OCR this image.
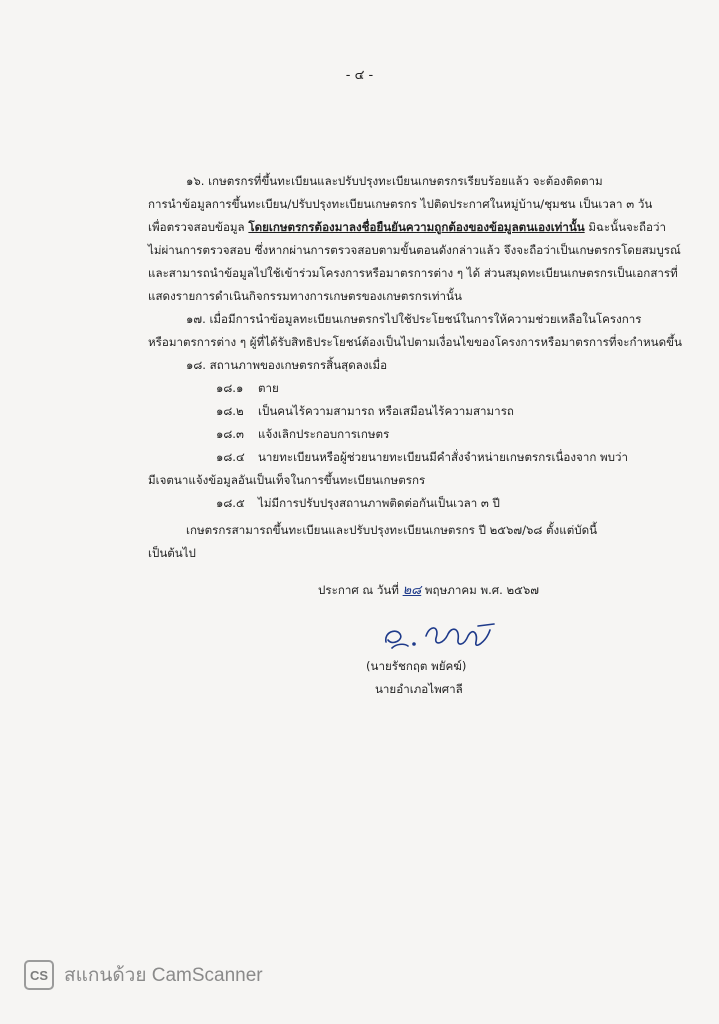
- ๔ -
๑๖. เกษตรกรที่ขึ้นทะเบียนและปรับปรุงทะเบียนเกษตรกรเรียบร้อยแล้ว จะต้องติดตาม
การนำข้อมูลการขึ้นทะเบียน/ปรับปรุงทะเบียนเกษตรกร ไปติดประกาศในหมู่บ้าน/ชุมชน เป็นเวลา ๓ วัน
เพื่อตรวจสอบข้อมูล โดยเกษตรกรต้องมาลงชื่อยืนยันความถูกต้องของข้อมูลตนเองเท่านั้น มิฉะนั้นจะถือว่า
ไม่ผ่านการตรวจสอบ ซึ่งหากผ่านการตรวจสอบตามขั้นตอนดังกล่าวแล้ว จึงจะถือว่าเป็นเกษตรกรโดยสมบูรณ์
และสามารถนำข้อมูลไปใช้เข้าร่วมโครงการหรือมาตรการต่าง ๆ ได้ ส่วนสมุดทะเบียนเกษตรกรเป็นเอกสารที่
แสดงรายการดำเนินกิจกรรมทางการเกษตรของเกษตรกรเท่านั้น
๑๗. เมื่อมีการนำข้อมูลทะเบียนเกษตรกรไปใช้ประโยชน์ในการให้ความช่วยเหลือในโครงการ
หรือมาตรการต่าง ๆ ผู้ที่ได้รับสิทธิประโยชน์ต้องเป็นไปตามเงื่อนไขของโครงการหรือมาตรการที่จะกำหนดขึ้น
๑๘. สถานภาพของเกษตรกรสิ้นสุดลงเมื่อ
๑๘.๑ ตาย
๑๘.๒ เป็นคนไร้ความสามารถ หรือเสมือนไร้ความสามารถ
๑๘.๓ แจ้งเลิกประกอบการเกษตร
๑๘.๔ นายทะเบียนหรือผู้ช่วยนายทะเบียนมีคำสั่งจำหน่ายเกษตรกรเนื่องจาก พบว่า
มีเจตนาแจ้งข้อมูลอันเป็นเท็จในการขึ้นทะเบียนเกษตรกร
๑๘.๕ ไม่มีการปรับปรุงสถานภาพติดต่อกันเป็นเวลา ๓ ปี
เกษตรกรสามารถขึ้นทะเบียนและปรับปรุงทะเบียนเกษตรกร ปี ๒๕๖๗/๖๘ ตั้งแต่บัดนี้
เป็นต้นไป
ประกาศ ณ วันที่ ๒๘ พฤษภาคม พ.ศ. ๒๕๖๗
(นายรัชกฤต พยัคฆ์)
นายอำเภอไพศาลี
CS สแกนด้วย CamScanner
